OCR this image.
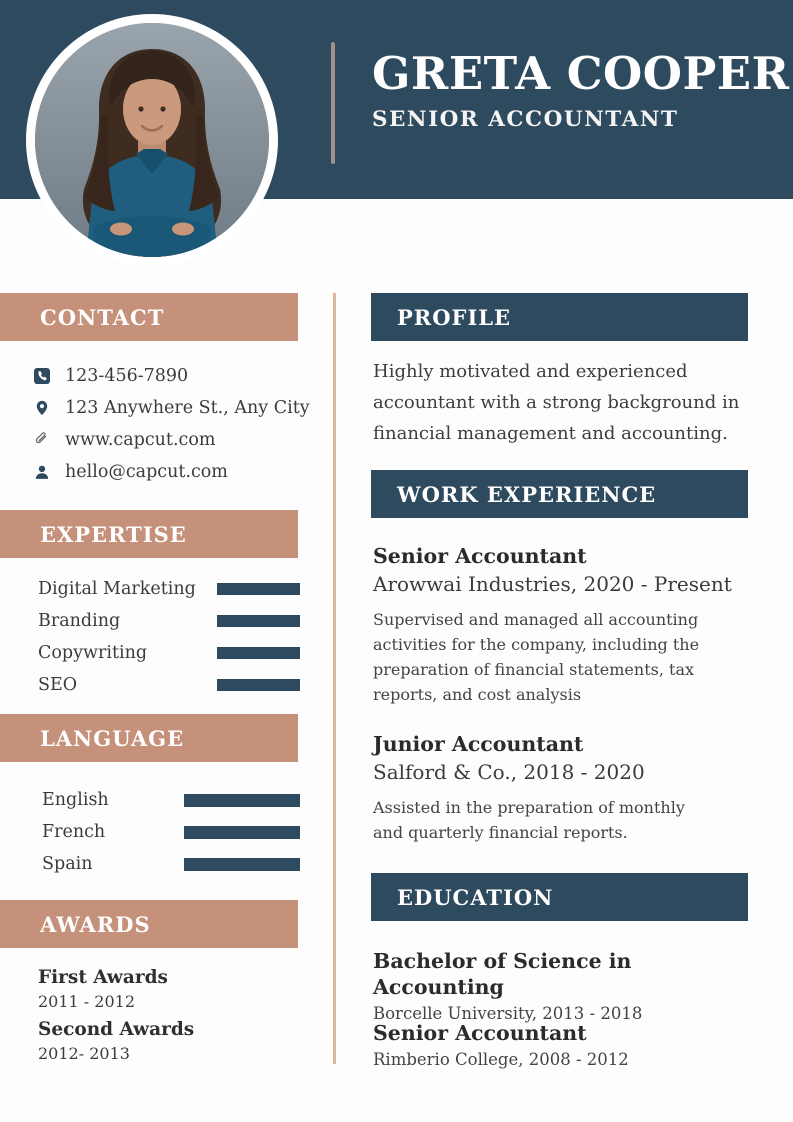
GRETA COOPER
SENIOR ACCOUNTANT
CONTACT
123-456-7890
123 Anywhere St., Any City
www.capcut.com
hello@capcut.com
EXPERTISE
Digital Marketing
Branding
Copywriting
SEO
LANGUAGE
English
French
Spain
AWARDS
First Awards
2011 - 2012
Second Awards
2012- 2013
PROFILE
Highly motivated and experienced accountant with a strong background in financial management and accounting.
WORK EXPERIENCE
Senior Accountant
Arowwai Industries, 2020 - Present
Supervised and managed all accounting activities for the company, including the preparation of financial statements, tax reports, and cost analysis
Junior Accountant
Salford & Co., 2018 - 2020
Assisted in the preparation of monthly and quarterly financial reports.
EDUCATION
Bachelor of Science in Accounting
Borcelle University, 2013 - 2018
Senior Accountant
Rimberio College, 2008 - 2012
